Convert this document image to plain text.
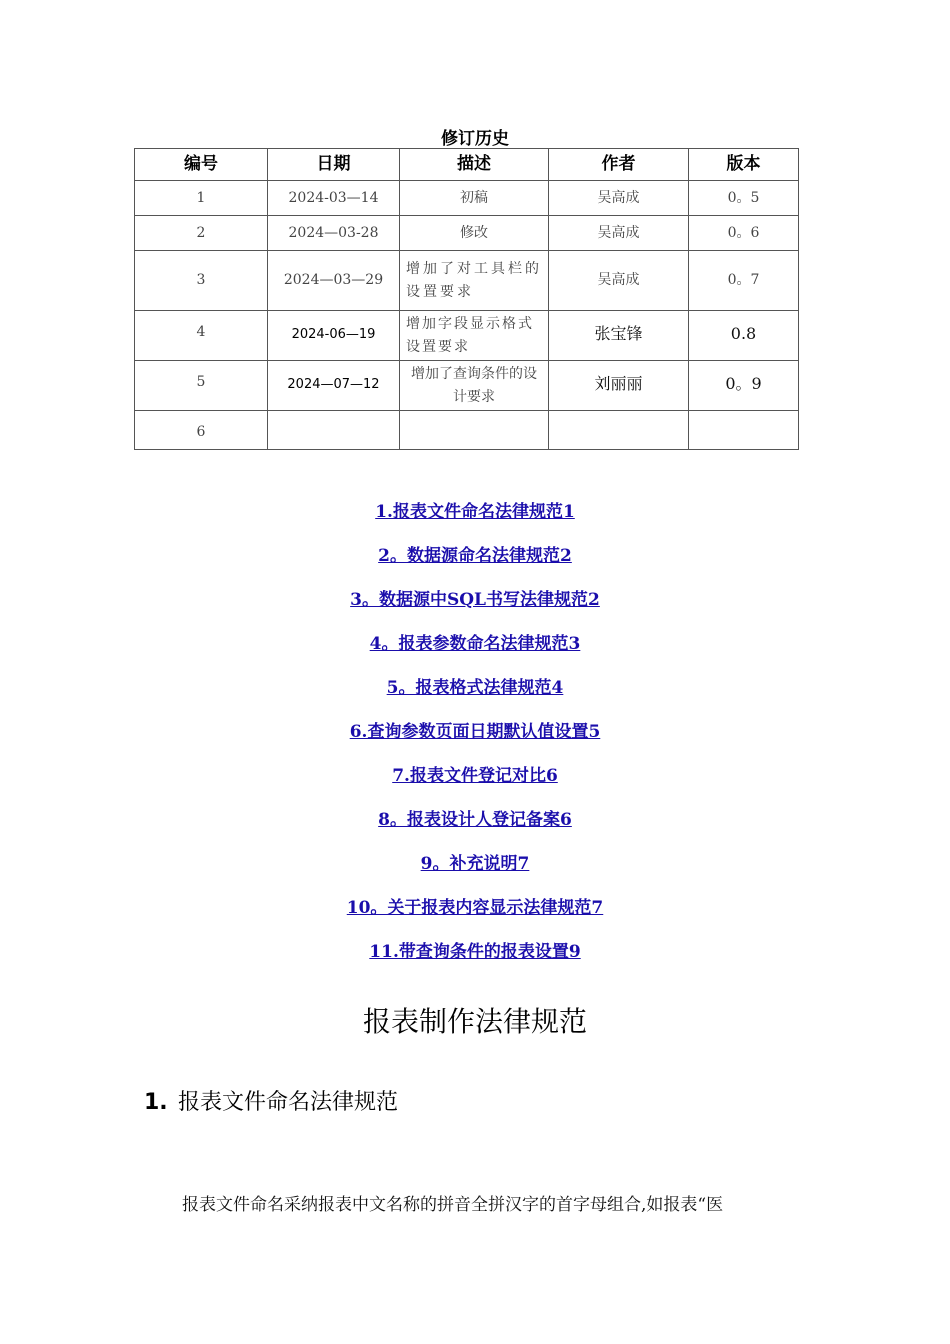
修订历史
编号	日期	描述	作者	版本
1	2024-03—14	初稿	吴高成	0。5
2	2024—03-28	修改	吴高成	0。6
3	2024—03—29	增加了对工具栏的设置要求	吴高成	0。7
4	2024-06—19	增加字段显示格式设置要求	张宝锋	0.8
5	2024—07—12	增加了查询条件的设计要求	刘丽丽	0。9
6				
1.报表文件命名法律规范1
2。数据源命名法律规范2
3。数据源中SQL书写法律规范2
4。报表参数命名法律规范3
5。报表格式法律规范4
6.查询参数页面日期默认值设置5
7.报表文件登记对比6
8。报表设计人登记备案6
9。补充说明7
10。关于报表内容显示法律规范7
11.带查询条件的报表设置9
报表制作法律规范
1. 报表文件命名法律规范
报表文件命名采纳报表中文名称的拼音全拼汉字的首字母组合,如报表“医
